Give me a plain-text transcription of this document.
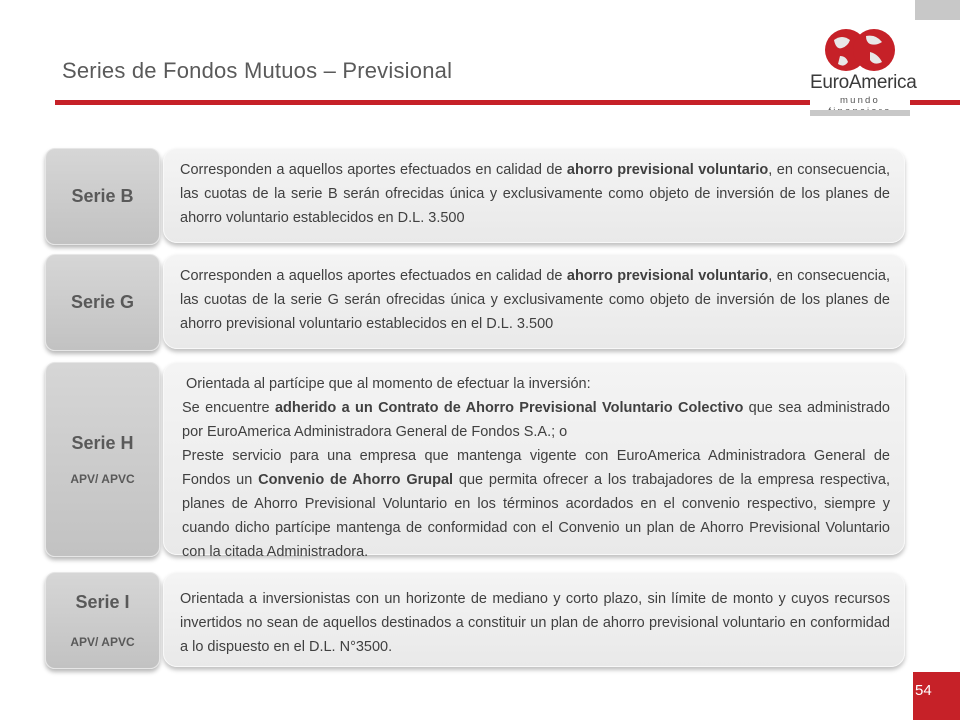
Series de Fondos Mutuos – Previsional	EuroAmerica
mundo
Serie B

Corresponden a aquellos aportes efectuados en calidad de ahorro previsional voluntario, en consecuencia, las cuotas de la serie B serán ofrecidas única y exclusivamente como objeto de inversión de los planes de ahorro voluntario establecidos en D.L. 3.500

Serie G

Corresponden a aquellos aportes efectuados en calidad de ahorro previsional voluntario, en consecuencia, las cuotas de la serie G serán ofrecidas única y exclusivamente como objeto de inversión de los planes de ahorro previsional voluntario establecidos en el D.L. 3.500

Serie H
APV/ APVC

Orientada al partícipe que al momento de efectuar la inversión:

Se encuentre adherido a un Contrato de Ahorro Previsional Voluntario Colectivo que sea administrado por EuroAmerica Administradora General de Fondos S.A.; o

Preste servicio para una empresa que mantenga vigente con EuroAmerica Administradora General de Fondos un Convenio de Ahorro Grupal que permita ofrecer a los trabajadores de la empresa respectiva, planes de Ahorro Previsional Voluntario en los términos acordados en el convenio respectivo, siempre y cuando dicho partícipe mantenga de conformidad con el Convenio un plan de Ahorro Previsional Voluntario con la citada Administradora.

Serie I
APV/ APVC

Orientada a inversionistas con un horizonte de mediano y corto plazo, sin límite de monto y cuyos recursos invertidos no sean de aquellos destinados a constituir un plan de ahorro previsional voluntario en conformidad a lo dispuesto en el D.L. N°3500.

54
